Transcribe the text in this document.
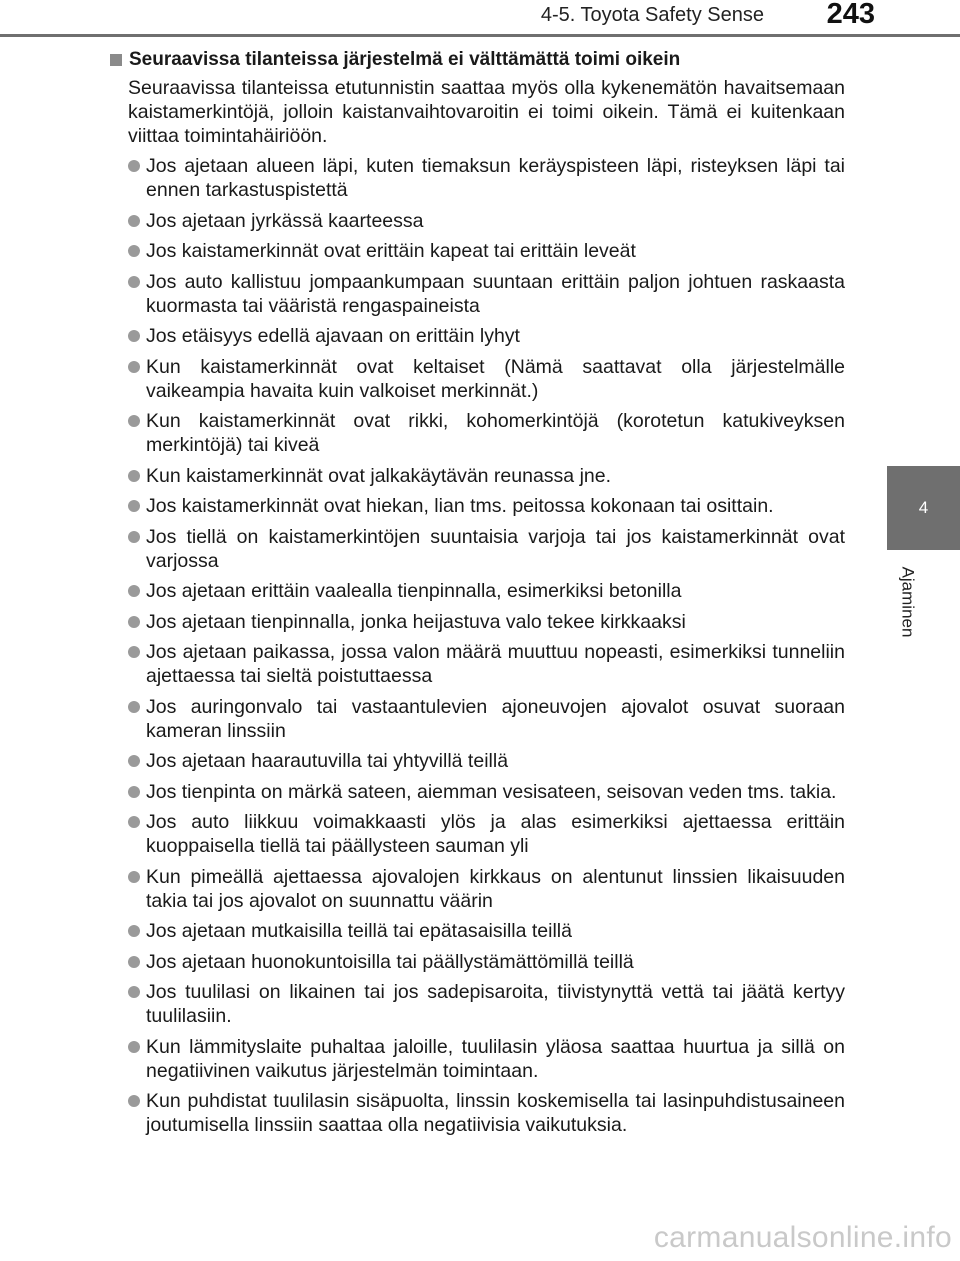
4-5. Toyota Safety Sense 243
4
Ajaminen
Seuraavissa tilanteissa järjestelmä ei välttämättä toimi oikein
Seuraavissa tilanteissa etutunnistin saattaa myös olla kykenemätön havaitsemaan kaistamerkintöjä, jolloin kaistanvaihtovaroitin ei toimi oikein. Tämä ei kuitenkaan viittaa toimintahäiriöön.
Jos ajetaan alueen läpi, kuten tiemaksun keräyspisteen läpi, risteyksen läpi tai ennen tarkastuspistettä
Jos ajetaan jyrkässä kaarteessa
Jos kaistamerkinnät ovat erittäin kapeat tai erittäin leveät
Jos auto kallistuu jompaankumpaan suuntaan erittäin paljon johtuen raskaasta kuormasta tai vääristä rengaspaineista
Jos etäisyys edellä ajavaan on erittäin lyhyt
Kun kaistamerkinnät ovat keltaiset (Nämä saattavat olla järjestelmälle vaikeampia havaita kuin valkoiset merkinnät.)
Kun kaistamerkinnät ovat rikki, kohomerkintöjä (korotetun katukiveyksen merkintöjä) tai kiveä
Kun kaistamerkinnät ovat jalkakäytävän reunassa jne.
Jos kaistamerkinnät ovat hiekan, lian tms. peitossa kokonaan tai osittain.
Jos tiellä on kaistamerkintöjen suuntaisia varjoja tai jos kaistamerkinnät ovat varjossa
Jos ajetaan erittäin vaalealla tienpinnalla, esimerkiksi betonilla
Jos ajetaan tienpinnalla, jonka heijastuva valo tekee kirkkaaksi
Jos ajetaan paikassa, jossa valon määrä muuttuu nopeasti, esimerkiksi tunneliin ajettaessa tai sieltä poistuttaessa
Jos auringonvalo tai vastaantulevien ajoneuvojen ajovalot osuvat suoraan kameran linssiin
Jos ajetaan haarautuvilla tai yhtyvillä teillä
Jos tienpinta on märkä sateen, aiemman vesisateen, seisovan veden tms. takia.
Jos auto liikkuu voimakkaasti ylös ja alas esimerkiksi ajettaessa erittäin kuoppaisella tiellä tai päällysteen sauman yli
Kun pimeällä ajettaessa ajovalojen kirkkaus on alentunut linssien likaisuuden takia tai jos ajovalot on suunnattu väärin
Jos ajetaan mutkaisilla teillä tai epätasaisilla teillä
Jos ajetaan huonokuntoisilla tai päällystämättömillä teillä
Jos tuulilasi on likainen tai jos sadepisaroita, tiivistynyttä vettä tai jäätä kertyy tuulilasiin.
Kun lämmityslaite puhaltaa jaloille, tuulilasin yläosa saattaa huurtua ja sillä on negatiivinen vaikutus järjestelmän toimintaan.
Kun puhdistat tuulilasin sisäpuolta, linssin koskemisella tai lasinpuhdistusaineen joutumisella linssiin saattaa olla negatiivisia vaikutuksia.
carmanualsonline.info
